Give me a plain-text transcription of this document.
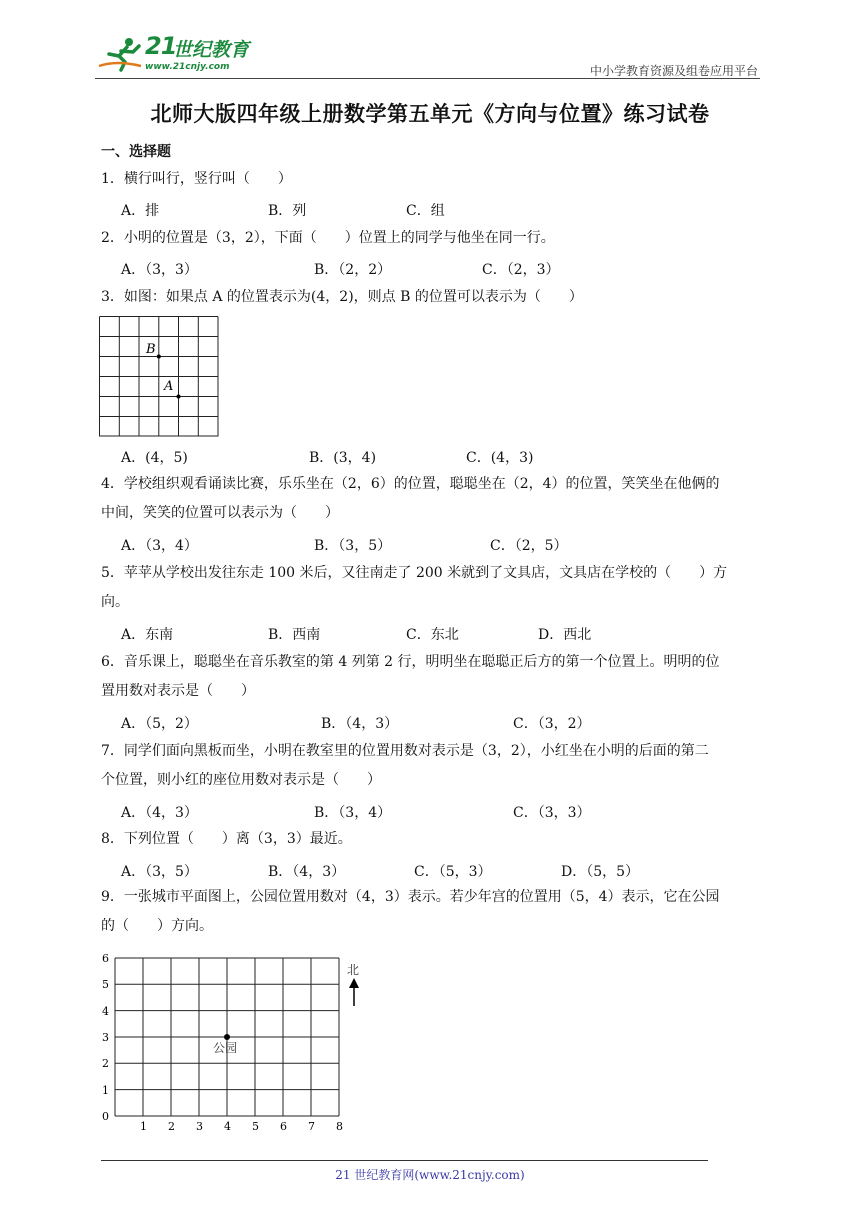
21
世纪教育
www.21cnjy.com	中小学教育资源及组卷应用平台
北师大版四年级上册数学第五单元《方向与位置》练习试卷
一、选择题
1．横行叫行，竖行叫（　　）
A．排	B．列	C．组
2．小明的位置是（3，2），下面（　　）位置上的同学与他坐在同一行。
A．（3，3）	B．（2，2）	C．（2，3）
3．如图：如果点 A 的位置表示为(4，2)，则点 B 的位置可以表示为（　　）
B
A
A．(4，5)	B．(3，4)	C．(4，3)
4．学校组织观看诵读比赛，乐乐坐在（2，6）的位置，聪聪坐在（2，4）的位置，笑笑坐在他俩的
中间，笑笑的位置可以表示为（　　）
A．（3，4）	B．（3，5）	C．（2，5）
5．苹苹从学校出发往东走 100 米后，又往南走了 200 米就到了文具店，文具店在学校的（　　）方
向。
A．东南	B．西南	C．东北	D．西北
6．音乐课上，聪聪坐在音乐教室的第 4 列第 2 行，明明坐在聪聪正后方的第一个位置上。明明的位
置用数对表示是（　　）
A．（5，2）	B．（4，3）	C．（3，2）
7．同学们面向黑板而坐，小明在教室里的位置用数对表示是（3，2），小红坐在小明的后面的第二
个位置，则小红的座位用数对表示是（　　）
A．（4，3）	B．（3，4）	C．（3，3）
8．下列位置（　　）离（3，3）最近。
A．（3，5）	B．（4，3）	C．（5，3）	D．（5，5）
9．一张城市平面图上，公园位置用数对（4，3）表示。若少年宫的位置用（5，4）表示，它在公园
的（　　）方向。
6
5
4
3
2
1
0
1 2 3 4 5 6 7 8
公园
北
21 世纪教育网(www.21cnjy.com)
